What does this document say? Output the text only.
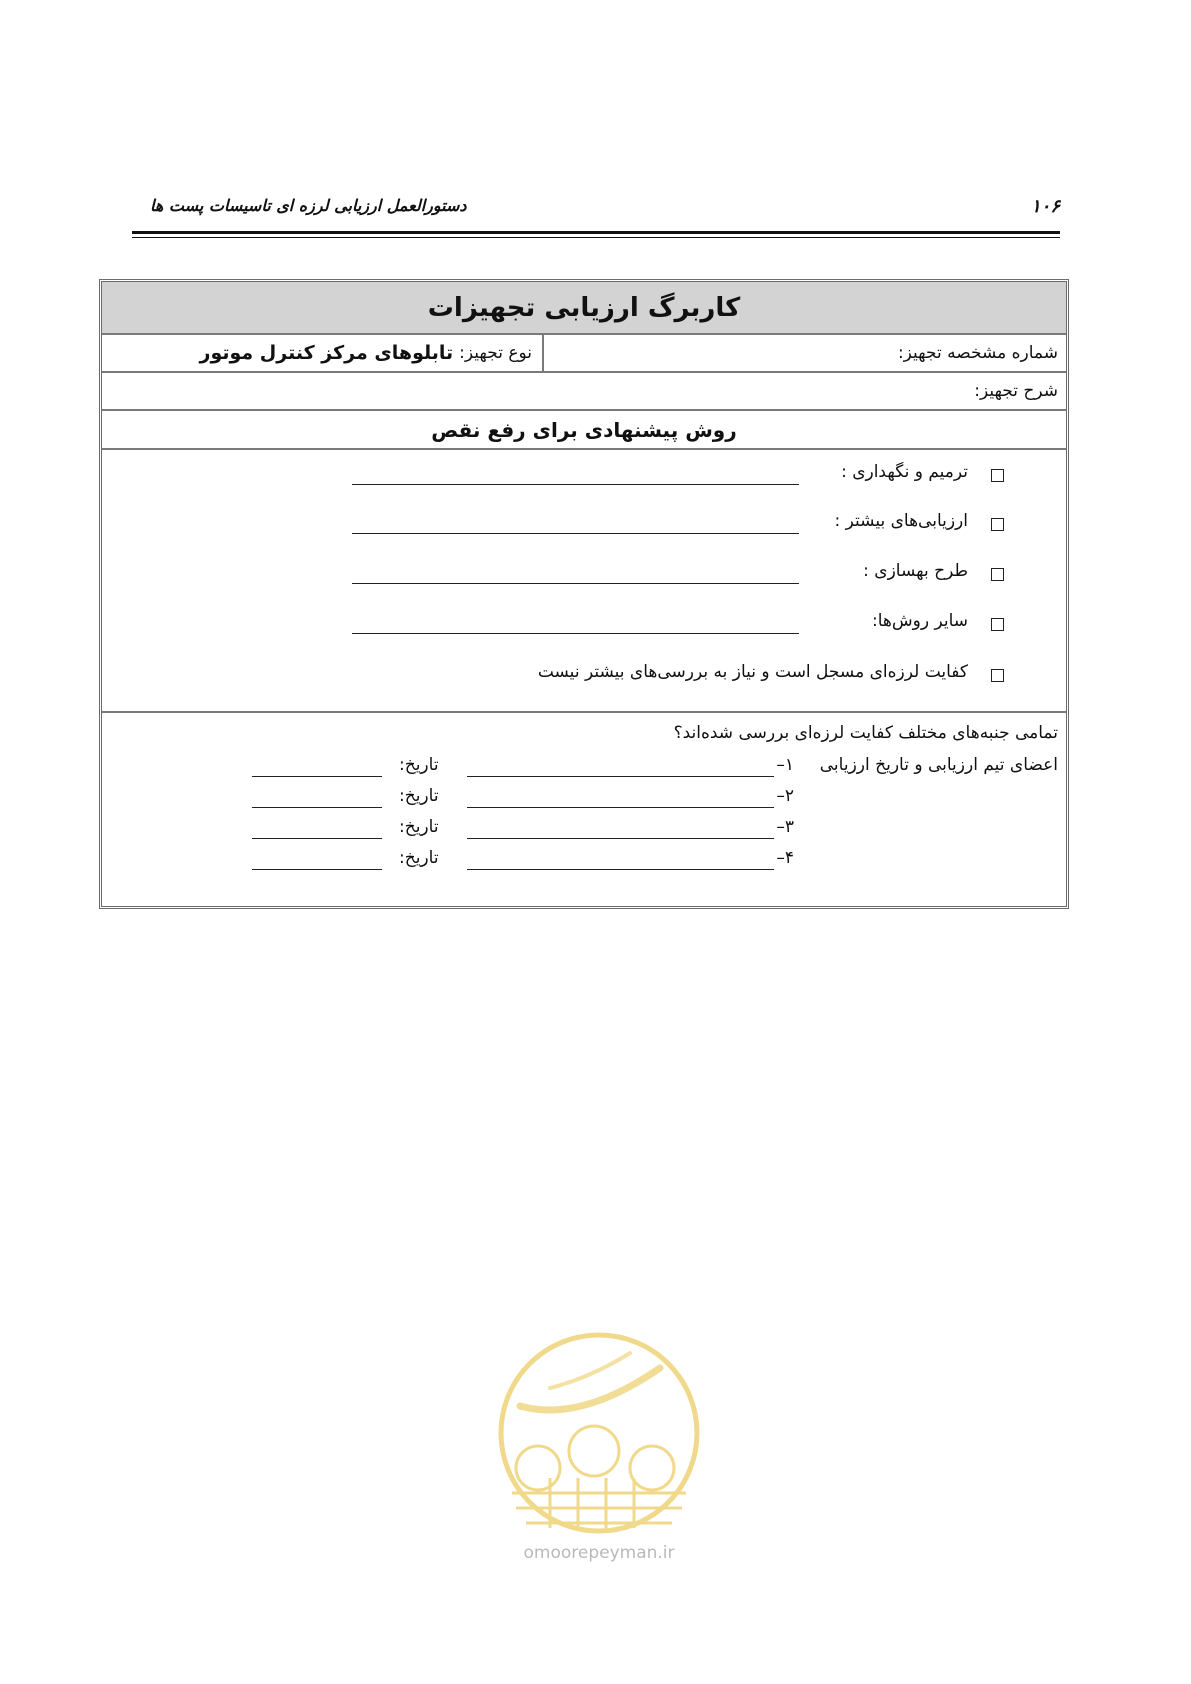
۱۰۶
دستورالعمل ارزیابی لرزه ای تاسیسات پست ها
کاربرگ ارزیابی تجهیزات
شماره مشخصه تجهیز:
نوع تجهیز:
تابلوهای مرکز کنترل موتور
شرح تجهیز:
روش پیشنهادی برای رفع نقص
ترمیم و نگهداری :
ارزیابی‌های بیشتر :
طرح بهسازی :
سایر روش‌ها:
کفایت لرزه‌ای مسجل است و نیاز به بررسی‌های بیشتر نیست
تمامی جنبه‌های مختلف کفایت لرزه‌ای بررسی شده‌اند؟
اعضای تیم ارزیابی و تاریخ ارزیابی
۱–
تاریخ:
۲–
تاریخ:
۳–
تاریخ:
۴–
تاریخ:
omoorepeyman.ir
